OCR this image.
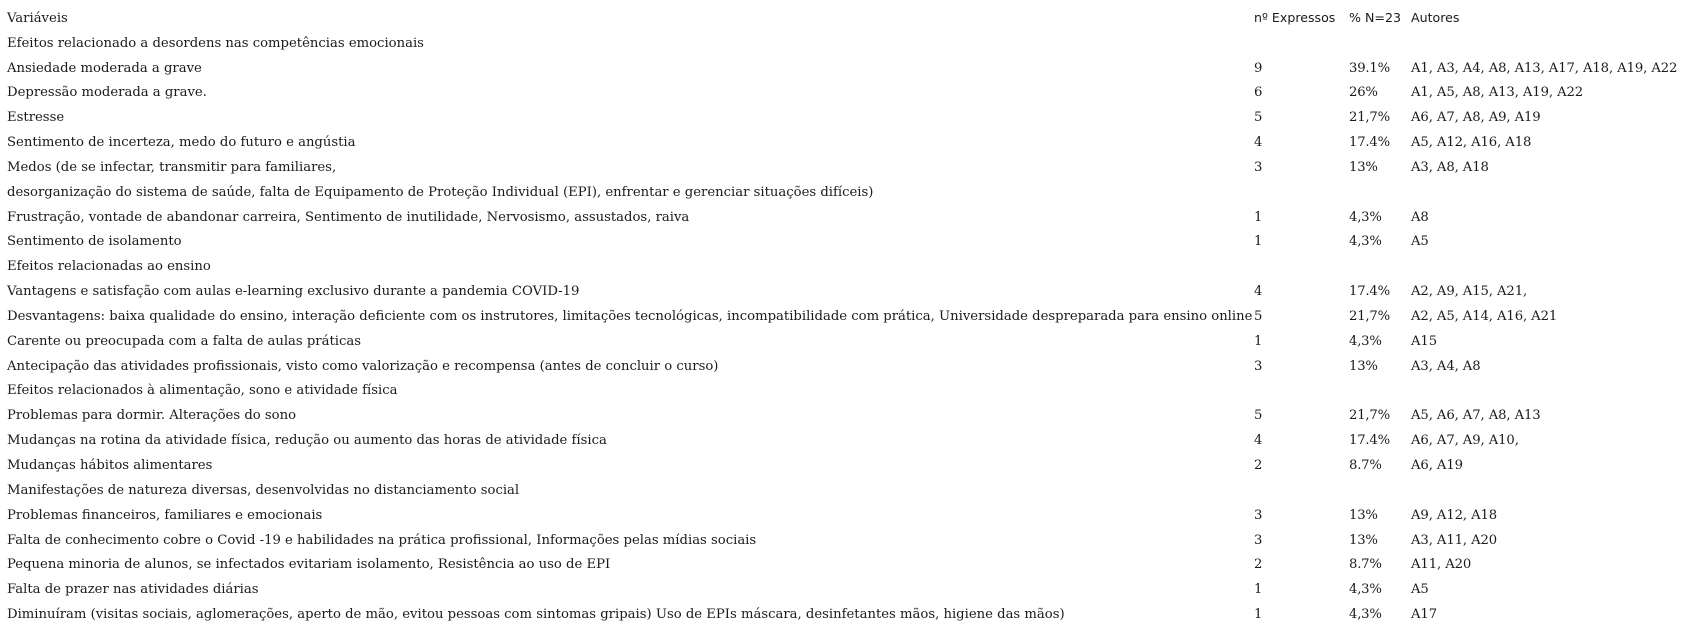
Variáveis	nº Expressos	% N=23	Autores
Efeitos relacionado a desordens nas competências emocionais			
Ansiedade moderada a grave	9	39.1%	A1, A3, A4, A8, A13, A17, A18, A19, A22
Depressão moderada a grave.	6	26%	A1, A5, A8, A13, A19, A22
Estresse	5	21,7%	A6, A7, A8, A9, A19
Sentimento de incerteza, medo do futuro e angústia	4	17.4%	A5, A12, A16, A18
Medos (de se infectar, transmitir para familiares,	3	13%	A3, A8, A18
desorganização do sistema de saúde, falta de Equipamento de Proteção Individual (EPI), enfrentar e gerenciar situações difíceis)			
Frustração, vontade de abandonar carreira, Sentimento de inutilidade, Nervosismo, assustados, raiva	1	4,3%	A8
Sentimento de isolamento	1	4,3%	A5
Efeitos relacionadas ao ensino			
Vantagens e satisfação com aulas e-learning exclusivo durante a pandemia COVID-19	4	17.4%	A2, A9, A15, A21,
Desvantagens: baixa qualidade do ensino, interação deficiente com os instrutores, limitações tecnológicas, incompatibilidade com prática, Universidade despreparada para ensino online	5	21,7%	A2, A5, A14, A16, A21
Carente ou preocupada com a falta de aulas práticas	1	4,3%	A15
Antecipação das atividades profissionais, visto como valorização e recompensa (antes de concluir o curso)	3	13%	A3, A4, A8
Efeitos relacionados à alimentação, sono e atividade física			
Problemas para dormir. Alterações do sono	5	21,7%	A5, A6, A7, A8, A13
Mudanças na rotina da atividade física, redução ou aumento das horas de atividade física	4	17.4%	A6, A7, A9, A10,
Mudanças hábitos alimentares	2	8.7%	A6, A19
Manifestações de natureza diversas, desenvolvidas no distanciamento social			
Problemas financeiros, familiares e emocionais	3	13%	A9, A12, A18
Falta de conhecimento cobre o Covid -19 e habilidades na prática profissional, Informações pelas mídias sociais	3	13%	A3, A11, A20
Pequena minoria de alunos, se infectados evitariam isolamento, Resistência ao uso de EPI	2	8.7%	A11, A20
Falta de prazer nas atividades diárias	1	4,3%	A5
Diminuíram (visitas sociais, aglomerações, aperto de mão, evitou pessoas com sintomas gripais) Uso de EPIs máscara, desinfetantes mãos, higiene das mãos)	1	4,3%	A17
